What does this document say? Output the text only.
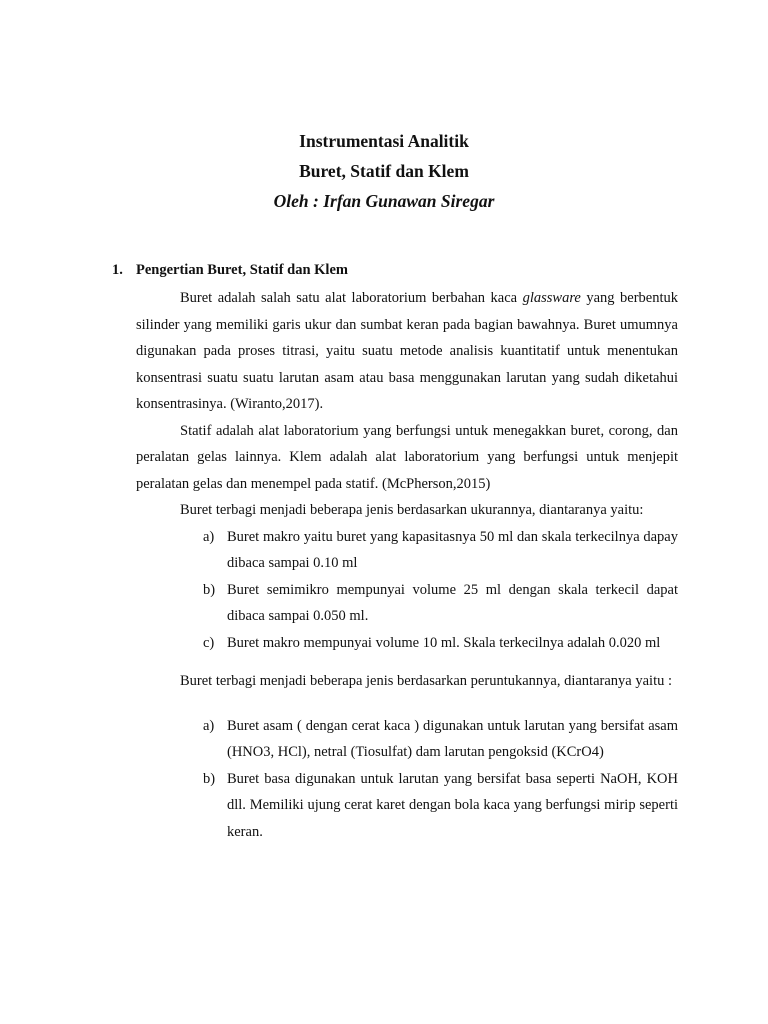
Instrumentasi Analitik
Buret, Statif dan Klem
Oleh : Irfan Gunawan Siregar
1. Pengertian Buret, Statif dan Klem

Buret adalah salah satu alat laboratorium berbahan kaca glassware yang berbentuk silinder yang memiliki garis ukur dan sumbat keran pada bagian bawahnya. Buret umumnya digunakan pada proses titrasi, yaitu suatu metode analisis kuantitatif untuk menentukan konsentrasi suatu suatu larutan asam atau basa menggunakan larutan yang sudah diketahui konsentrasinya. (Wiranto,2017).

Statif adalah alat laboratorium yang berfungsi untuk menegakkan buret, corong, dan peralatan gelas lainnya. Klem adalah alat laboratorium yang berfungsi untuk menjepit peralatan gelas dan menempel pada statif. (McPherson,2015)

Buret terbagi menjadi beberapa jenis berdasarkan ukurannya, diantaranya yaitu:

a) Buret makro yaitu buret yang kapasitasnya 50 ml dan skala terkecilnya dapay dibaca sampai 0.10 ml
b) Buret semimikro mempunyai volume 25 ml dengan skala terkecil dapat dibaca sampai 0.050 ml.
c) Buret makro mempunyai volume 10 ml. Skala terkecilnya adalah 0.020 ml

Buret terbagi menjadi beberapa jenis berdasarkan peruntukannya, diantaranya yaitu :

a) Buret asam ( dengan cerat kaca ) digunakan untuk larutan yang bersifat asam (HNO3, HCl), netral (Tiosulfat) dam larutan pengoksid (KCrO4)
b) Buret basa digunakan untuk larutan yang bersifat basa seperti NaOH, KOH dll. Memiliki ujung cerat karet dengan bola kaca yang berfungsi mirip seperti keran.
